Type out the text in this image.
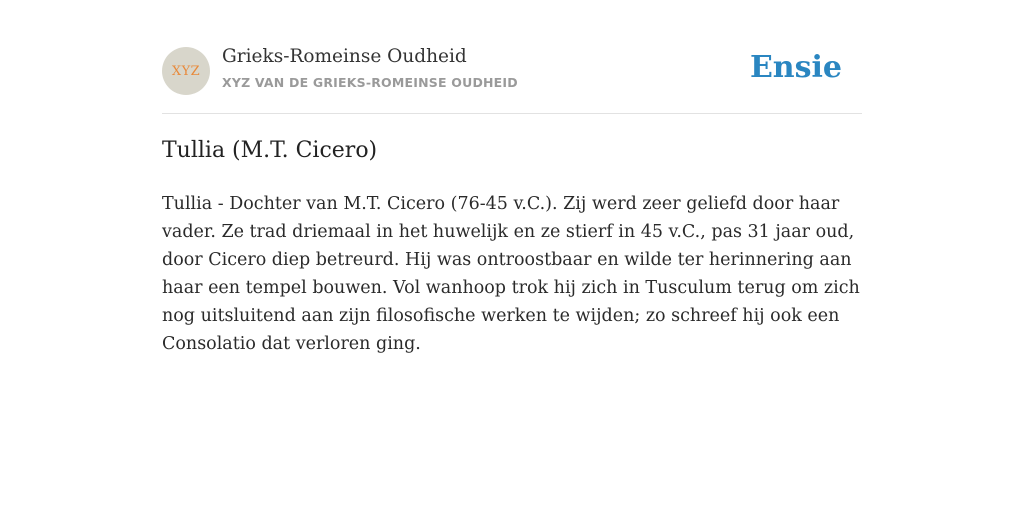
XYZ
Grieks-Romeinse Oudheid
XYZ VAN DE GRIEKS-ROMEINSE OUDHEID	Ensie
Tullia (M.T. Cicero)

Tullia - Dochter van M.T. Cicero (76-45 v.C.). Zij werd zeer geliefd door haar vader. Ze trad driemaal in het huwelijk en ze stierf in 45 v.C., pas 31 jaar oud, door Cicero diep betreurd. Hij was ontroostbaar en wilde ter herinnering aan haar een tempel bouwen. Vol wanhoop trok hij zich in Tusculum terug om zich nog uitsluitend aan zijn filosofische werken te wijden; zo schreef hij ook een Consolatio dat verloren ging.
